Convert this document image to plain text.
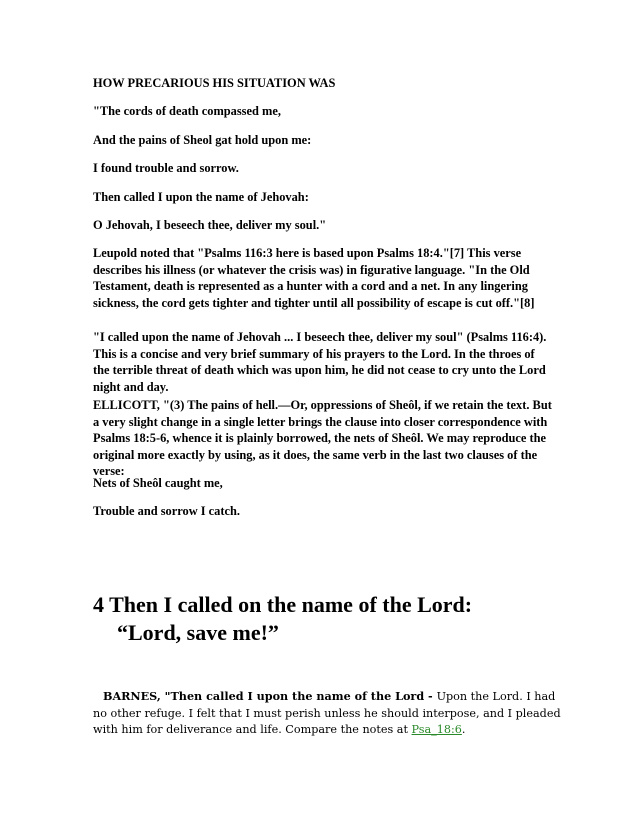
HOW PRECARIOUS HIS SITUATION WAS

"The cords of death compassed me,

And the pains of Sheol gat hold upon me:

I found trouble and sorrow.

Then called I upon the name of Jehovah:

O Jehovah, I beseech thee, deliver my soul."

Leupold noted that "Psalms 116:3 here is based upon Psalms 18:4."[7] This verse describes his illness (or whatever the crisis was) in figurative language. "In the Old Testament, death is represented as a hunter with a cord and a net. In any lingering sickness, the cord gets tighter and tighter until all possibility of escape is cut off."[8]

"I called upon the name of Jehovah ... I beseech thee, deliver my soul" (Psalms 116:4). This is a concise and very brief summary of his prayers to the Lord. In the throes of the terrible threat of death which was upon him, he did not cease to cry unto the Lord night and day.

ELLICOTT, "(3) The pains of hell.—Or, oppressions of Sheôl, if we retain the text. But a very slight change in a single letter brings the clause into closer correspondence with Psalms 18:5-6, whence it is plainly borrowed, the nets of Sheôl. We may reproduce the original more exactly by using, as it does, the same verb in the last two clauses of the verse:

Nets of Sheôl caught me,

Trouble and sorrow I catch.

4 Then I called on the name of the Lord:
“Lord, save me!”

BARNES, "Then called I upon the name of the Lord - Upon the Lord. I had no other refuge. I felt that I must perish unless he should interpose, and I pleaded with him for deliverance and life. Compare the notes at Psa_18:6.
